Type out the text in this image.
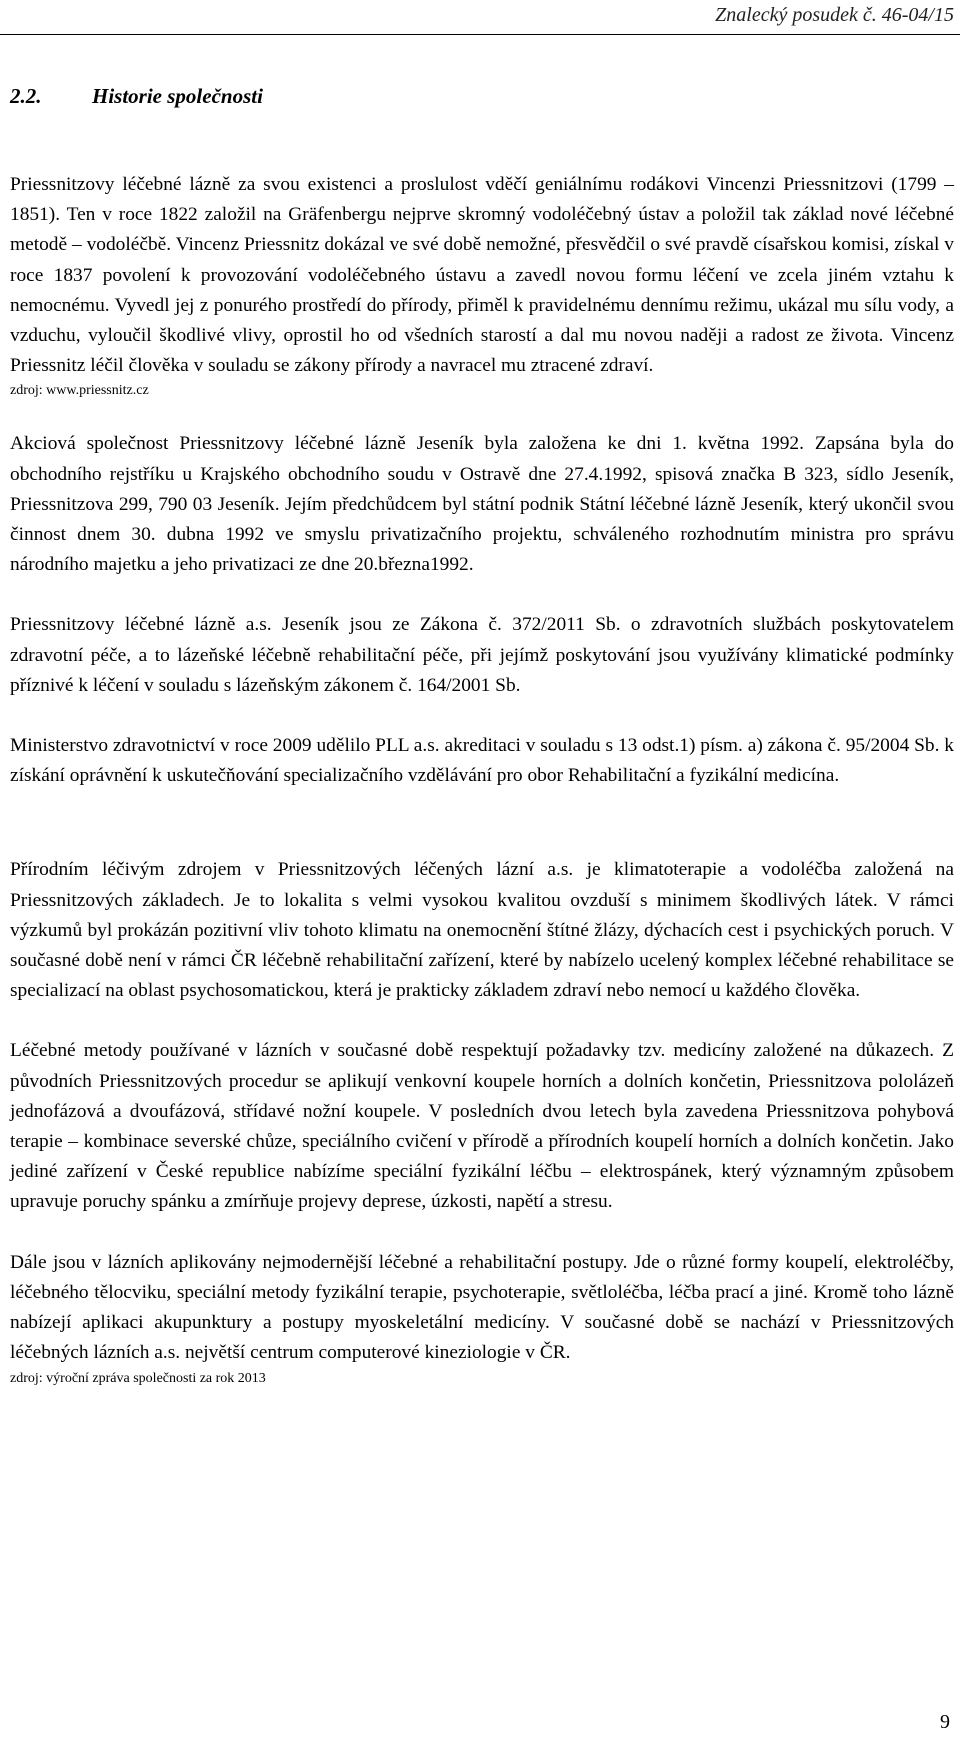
Znalecký posudek č. 46-04/15
2.2. Historie společnosti

Priessnitzovy léčebné lázně za svou existenci a proslulost vděčí geniálnímu rodákovi Vincenzi Priessnitzovi (1799 – 1851). Ten v roce 1822 založil na Gräfenbergu nejprve skromný vodoléčebný ústav a položil tak základ nové léčebné metodě – vodoléčbě. Vincenz Priessnitz dokázal ve své době nemožné, přesvědčil o své pravdě císařskou komisi, získal v roce 1837 povolení k provozování vodoléčebného ústavu a zavedl novou formu léčení ve zcela jiném vztahu k nemocnému. Vyvedl jej z ponurého prostředí do přírody, přiměl k pravidelnému dennímu režimu, ukázal mu sílu vody, a vzduchu, vyloučil škodlivé vlivy, oprostil ho od všedních starostí a dal mu novou naději a radost ze života. Vincenz Priessnitz léčil člověka v souladu se zákony přírody a navracel mu ztracené zdraví.

zdroj: www.priessnitz.cz

Akciová společnost Priessnitzovy léčebné lázně Jeseník byla založena ke dni 1. května 1992. Zapsána byla do obchodního rejstříku u Krajského obchodního soudu v Ostravě dne 27.4.1992, spisová značka B 323, sídlo Jeseník, Priessnitzova 299, 790 03 Jeseník. Jejím předchůdcem byl státní podnik Státní léčebné lázně Jeseník, který ukončil svou činnost dnem 30. dubna 1992 ve smyslu privatizačního projektu, schváleného rozhodnutím ministra pro správu národního majetku a jeho privatizaci ze dne 20.března1992.

Priessnitzovy léčebné lázně a.s. Jeseník jsou ze Zákona č. 372/2011 Sb. o zdravotních službách poskytovatelem zdravotní péče, a to lázeňské léčebně rehabilitační péče, při jejímž poskytování jsou využívány klimatické podmínky příznivé k léčení v souladu s lázeňským zákonem č. 164/2001 Sb.

Ministerstvo zdravotnictví v roce 2009 udělilo PLL a.s. akreditaci v souladu s 13 odst.1) písm. a) zákona č. 95/2004 Sb. k získání oprávnění k uskutečňování specializačního vzdělávání pro obor Rehabilitační a fyzikální medicína.

Přírodním léčivým zdrojem v Priessnitzových léčených lázní a.s. je klimatoterapie a vodoléčba založená na Priessnitzových základech. Je to lokalita s velmi vysokou kvalitou ovzduší s minimem škodlivých látek. V rámci výzkumů byl prokázán pozitivní vliv tohoto klimatu na onemocnění štítné žlázy, dýchacích cest i psychických poruch. V současné době není v rámci ČR léčebně rehabilitační zařízení, které by nabízelo ucelený komplex léčebné rehabilitace se specializací na oblast psychosomatickou, která je prakticky základem zdraví nebo nemocí u každého člověka.

Léčebné metody používané v lázních v současné době respektují požadavky tzv. medicíny založené na důkazech. Z původních Priessnitzových procedur se aplikují venkovní koupele horních a dolních končetin, Priessnitzova pololázeň jednofázová a dvoufázová, střídavé nožní koupele. V posledních dvou letech byla zavedena Priessnitzova pohybová terapie – kombinace severské chůze, speciálního cvičení v přírodě a přírodních koupelí horních a dolních končetin. Jako jediné zařízení v České republice nabízíme speciální fyzikální léčbu – elektrospánek, který významným způsobem upravuje poruchy spánku a zmírňuje projevy deprese, úzkosti, napětí a stresu.

Dále jsou v lázních aplikovány nejmodernější léčebné a rehabilitační postupy. Jde o různé formy koupelí, elektroléčby, léčebného tělocviku, speciální metody fyzikální terapie, psychoterapie, světloléčba, léčba prací a jiné. Kromě toho lázně nabízejí aplikaci akupunktury a postupy myoskeletální medicíny. V současné době se nachází v Priessnitzových léčebných lázních a.s. největší centrum computerové kineziologie v ČR.

zdroj: výroční zpráva společnosti za rok 2013
9
